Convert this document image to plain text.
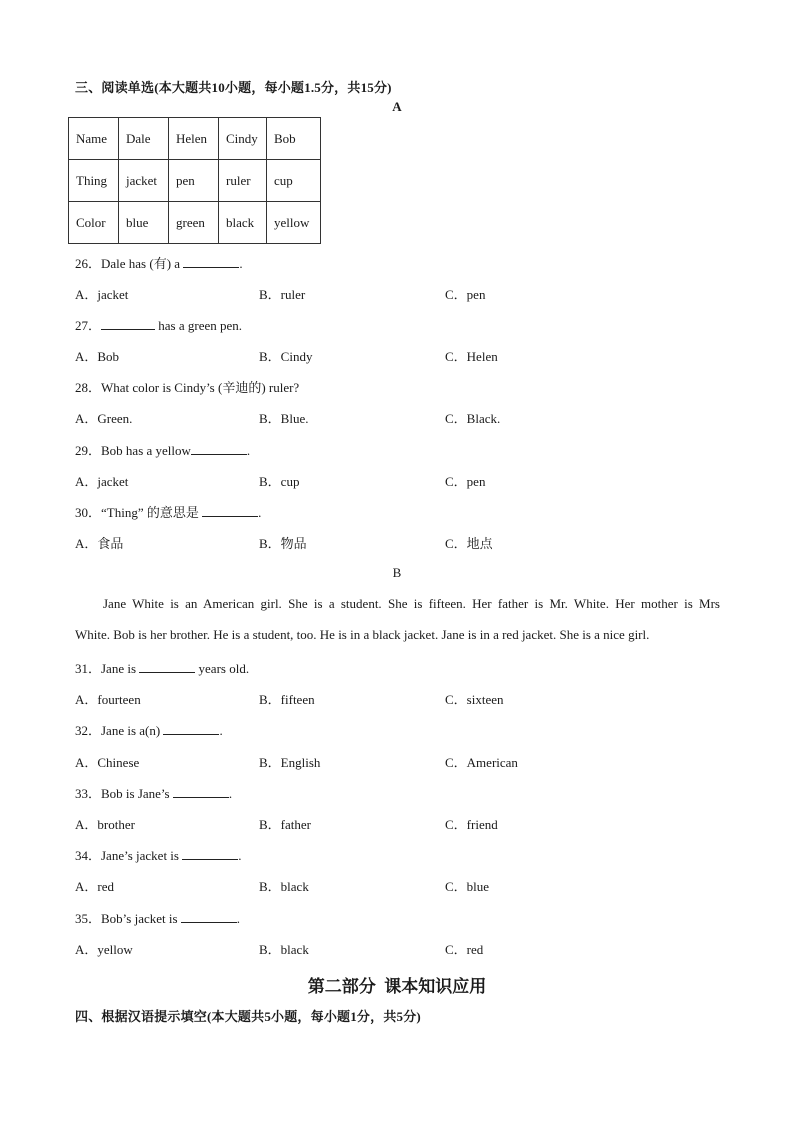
三、阅读单选(本大题共10小题，每小题1.5分，共15分)
A
Name	Dale	Helen	Cindy	Bob
Thing	jacket	pen	ruler	cup
Color	blue	green	black	yellow
26．Dale has (有) a	.
A．jacket	B．ruler	C．pen
27．	has a green pen.
A．Bob	B．Cindy	C．Helen
28．What color is Cindy’s (辛迪的) ruler?
A．Green.	B．Blue.	C．Black.
29．Bob has a yellow	.
A．jacket	B．cup	C．pen
30．“Thing” 的意思是	.
A．食品	B．物品	C．地点
B
Jane White is an American girl. She is a student. She is fifteen. Her father is Mr. White. Her mother is Mrs
White. Bob is her brother. He is a student, too. He is in a black jacket. Jane is in a red jacket. She is a nice girl.
31．Jane is	years old.
A．fourteen	B．fifteen	C．sixteen
32．Jane is a(n)	.
A．Chinese	B．English	C．American
33．Bob is Jane’s	.
A．brother	B．father	C．friend
34．Jane’s jacket is	.
A．red	B．black	C．blue
35．Bob’s jacket is	.
A．yellow	B．black	C．red
第二部分  课本知识应用
四、根据汉语提示填空(本大题共5小题，每小题1分，共5分)
